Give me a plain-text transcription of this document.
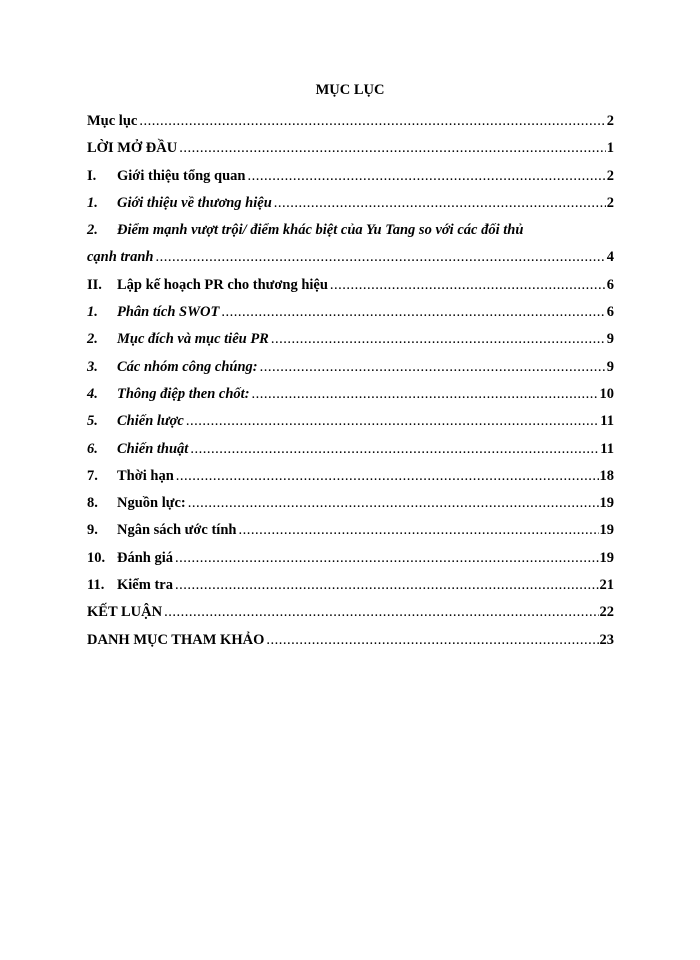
MỤC LỤC
Mục lục .....	2
LỜI MỞ ĐẦU .....	1
I.	Giới thiệu tổng quan .....	2
1.	Giới thiệu về thương hiệu .....	2
2. Điểm mạnh vượt trội/ điểm khác biệt của Yu Tang so với các đối thủ
cạnh tranh .....	4
II.	Lập kế hoạch PR cho thương hiệu .....	6
1.	Phân tích SWOT .....	6
2.	Mục đích và mục tiêu PR .....	9
3.	Các nhóm công chúng: .....	9
4.	Thông điệp then chốt: .....	10
5.	Chiến lược .....	11
6.	Chiến thuật .....	11
7.	Thời hạn .....	18
8.	Nguồn lực: .....	19
9.	Ngân sách ước tính .....	19
10. Đánh giá .....	19
11. Kiểm tra .....	21
KẾT LUẬN .....	22
DANH MỤC THAM KHẢO .....	23
